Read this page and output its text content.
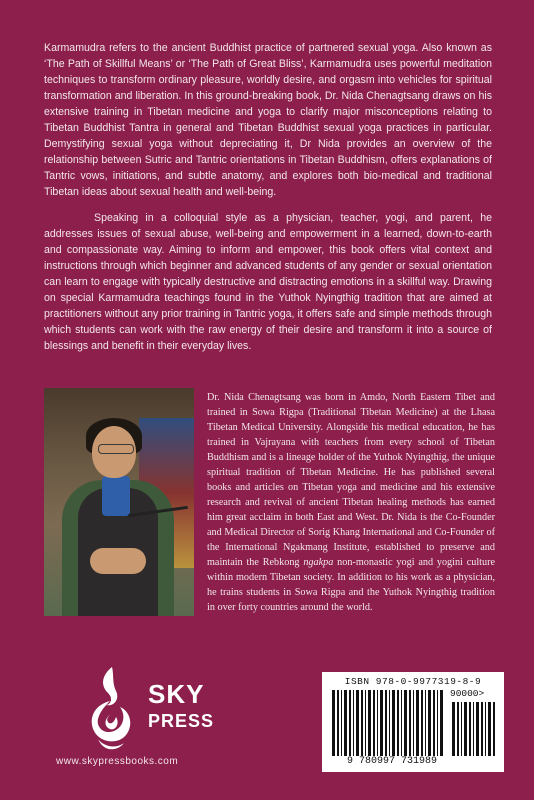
Karmamudra refers to the ancient Buddhist practice of partnered sexual yoga. Also known as ‘The Path of Skillful Means’ or ‘The Path of Great Bliss’, Karmamudra uses powerful meditation techniques to transform ordinary pleasure, worldly desire, and orgasm into vehicles for spiritual transformation and liberation. In this ground-breaking book, Dr. Nida Chenagtsang draws on his extensive training in Tibetan medicine and yoga to clarify major misconceptions relating to Tibetan Buddhist Tantra in general and Tibetan Buddhist sexual yoga practices in particular. Demystifying sexual yoga without depreciating it, Dr Nida provides an overview of the relationship between Sutric and Tantric orientations in Tibetan Buddhism, offers explanations of Tantric vows, initiations, and subtle anatomy, and explores both bio-medical and traditional Tibetan ideas about sexual health and well-being.

Speaking in a colloquial style as a physician, teacher, yogi, and parent, he addresses issues of sexual abuse, well-being and empowerment in a learned, down-to-earth and compassionate way. Aiming to inform and empower, this book offers vital context and instructions through which beginner and advanced students of any gender or sexual orientation can learn to engage with typically destructive and distracting emotions in a skillful way. Drawing on special Karmamudra teachings found in the Yuthok Nyingthig tradition that are aimed at practitioners without any prior training in Tantric yoga, it offers safe and simple methods through which students can work with the raw energy of their desire and transform it into a source of blessings and benefit in their everyday lives.

Dr. Nida Chenagtsang was born in Amdo, North Eastern Tibet and trained in Sowa Rigpa (Traditional Tibetan Medicine) at the Lhasa Tibetan Medical University. Alongside his medical education, he has trained in Vajrayana with teachers from every school of Tibetan Buddhism and is a lineage holder of the Yuthok Nyingthig, the unique spiritual tradition of Tibetan Medicine. He has published several books and articles on Tibetan yoga and medicine and his extensive research and revival of ancient Tibetan healing methods has earned him great acclaim in both East and West. Dr. Nida is the Co-Founder and Medical Director of Sorig Khang International and Co-Founder of the International Ngakmang Institute, established to preserve and maintain the Rebkong ngakpa non-monastic yogi and yogini culture within modern Tibetan society. In addition to his work as a physician, he trains students in Sowa Rigpa and the Yuthok Nyingthig tradition in over forty countries around the world.

SKY
PRESS
www.skypressbooks.com
ISBN 978-0-9977319-8-9
90000>
9 780997 731989
